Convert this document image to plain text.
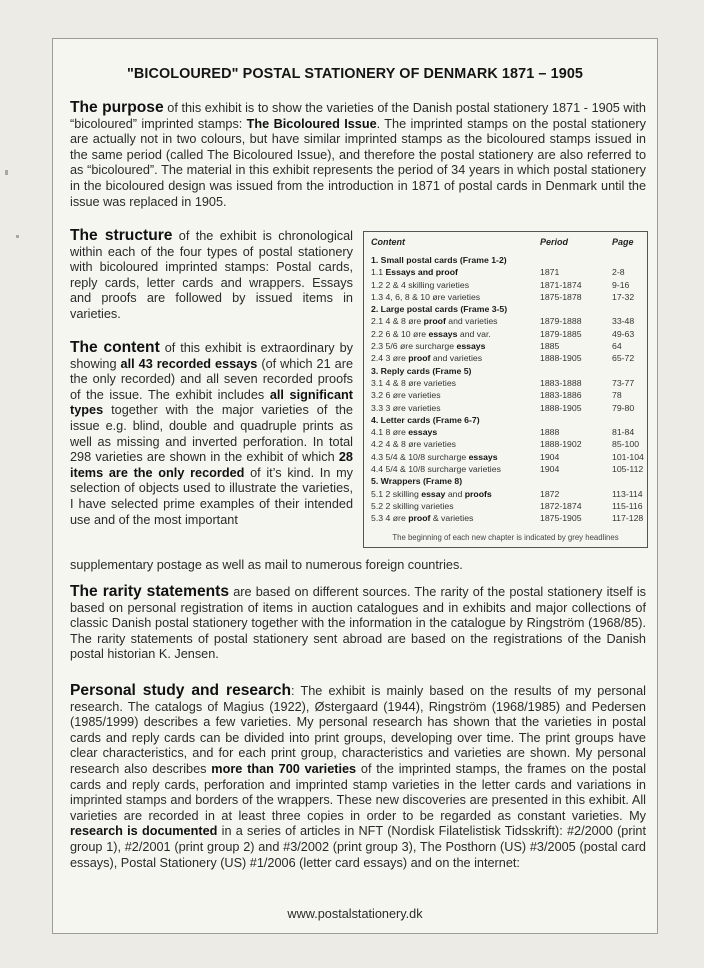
"BICOLOURED" POSTAL STATIONERY OF DENMARK 1871 – 1905
The purpose of this exhibit is to show the varieties of the Danish postal stationery 1871 - 1905 with “bicoloured” imprinted stamps: The Bicoloured Issue. The imprinted stamps on the postal stationery are actually not in two colours, but have similar imprinted stamps as the bicoloured stamps issued in the same period (called The Bicoloured Issue), and therefore the postal stationery are also referred to as “bicoloured”. The material in this exhibit represents the period of 34 years in which postal stationery in the bicoloured design was issued from the introduction in 1871 of postal cards in Denmark until the issue was replaced in 1905.
The structure of the exhibit is chronological within each of the four types of postal stationery with bicoloured imprinted stamps: Postal cards, reply cards, letter cards and wrappers. Essays and proofs are followed by issued items in varieties.
The content of this exhibit is extraordinary by showing all 43 recorded essays (of which 21 are the only recorded) and all seven recorded proofs of the issue. The exhibit includes all significant types together with the major varieties of the issue e.g. blind, double and quadruple prints as well as missing and inverted perforation. In total 298 varieties are shown in the exhibit of which 28 items are the only recorded of it’s kind. In my selection of objects used to illustrate the varieties, I have selected prime examples of their intended use and of the most important
supplementary postage as well as mail to numerous foreign countries.
Content	Period	Page
1. Small postal cards (Frame 1-2)
1.1 Essays and proof	1871	2-8
1.2 2 & 4 skilling varieties	1871-1874	9-16
1.3 4, 6, 8 & 10 øre varieties	1875-1878	17-32
2. Large postal cards (Frame 3-5)
2.1 4 & 8 øre proof and varieties	1879-1888	33-48
2.2 6 & 10 øre essays and var.	1879-1885	49-63
2.3 5/6 øre surcharge essays	1885	64
2.4 3 øre proof and varieties	1888-1905	65-72
3. Reply cards (Frame 5)
3.1 4 & 8 øre varieties	1883-1888	73-77
3.2 6 øre varieties	1883-1886	78
3.3 3 øre varieties	1888-1905	79-80
4. Letter cards (Frame 6-7)
4.1 8 øre essays	1888	81-84
4.2 4 & 8 øre varieties	1888-1902	85-100
4.3 5/4 & 10/8 surcharge essays	1904	101-104
4.4 5/4 & 10/8 surcharge varieties	1904	105-112
5. Wrappers (Frame 8)
5.1 2 skilling essay and proofs	1872	113-114
5.2 2 skilling varieties	1872-1874	115-116
5.3 4 øre proof & varieties	1875-1905	117-128
The beginning of each new chapter is indicated by grey headlines
The rarity statements are based on different sources. The rarity of the postal stationery itself is based on personal registration of items in auction catalogues and in exhibits and major collections of classic Danish postal stationery together with the information in the catalogue by Ringström (1968/85). The rarity statements of postal stationery sent abroad are based on the registrations of the Danish postal historian K. Jensen.
Personal study and research: The exhibit is mainly based on the results of my personal research. The catalogs of Magius (1922), Østergaard (1944), Ringström (1968/1985) and Pedersen (1985/1999) describes a few varieties. My personal research has shown that the varieties in postal cards and reply cards can be divided into print groups, developing over time. The print groups have clear characteristics, and for each print group, characteristics and varieties are shown. My personal research also describes more than 700 varieties of the imprinted stamps, the frames on the postal cards and reply cards, perforation and imprinted stamp varieties in the letter cards and variations in imprinted stamps and borders of the wrappers. These new discoveries are presented in this exhibit. All varieties are recorded in at least three copies in order to be regarded as constant varieties. My research is documented in a series of articles in NFT (Nordisk Filatelistisk Tidsskrift): #2/2000 (print group 1), #2/2001 (print group 2) and #3/2002 (print group 3), The Posthorn (US) #3/2005 (postal card essays), Postal Stationery (US) #1/2006 (letter card essays) and on the internet:
www.postalstationery.dk
